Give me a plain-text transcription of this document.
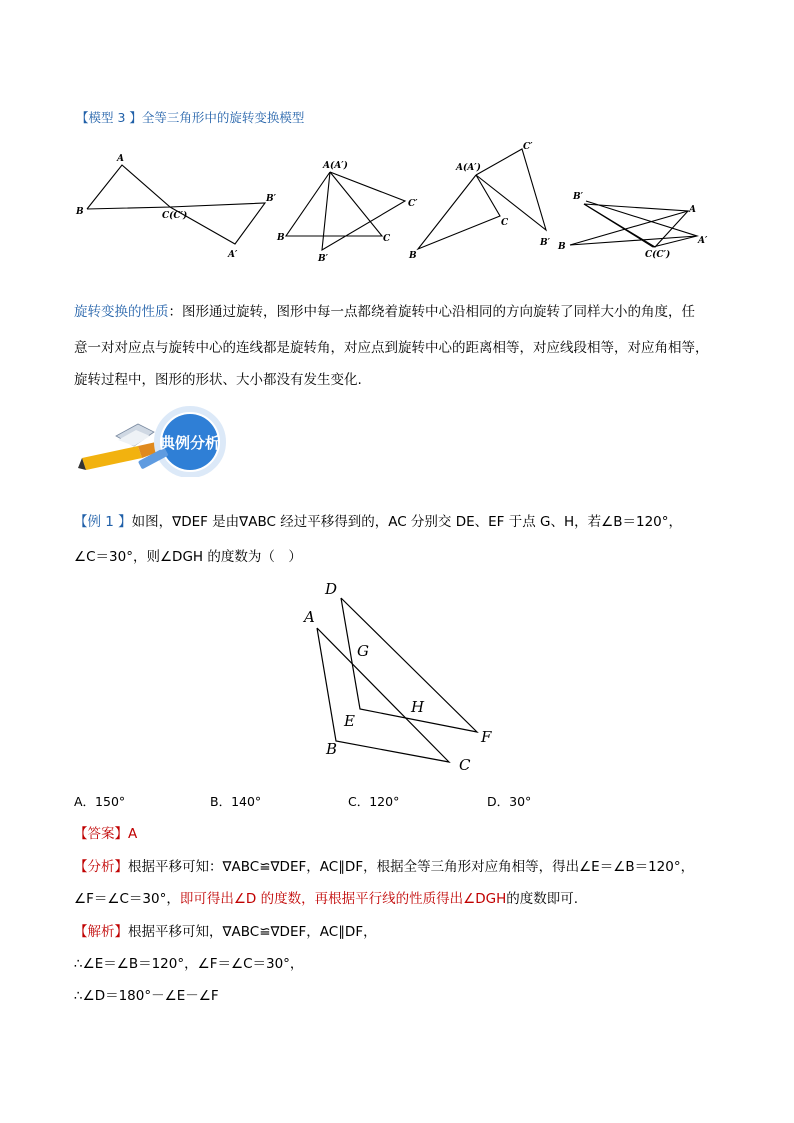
【模型 3 】全等三角形中的旋转变换模型
A
B	C(C′)
B′
A′
A(A′)
C′
B	C
B′
A(A′)
C′
C
B
B′
B′
A
B
A′
C(C′)
旋转变换的性质：图形通过旋转，图形中每一点都绕着旋转中心沿相同的方向旋转了同样大小的角度，任
意一对对应点与旋转中心的连线都是旋转角，对应点到旋转中心的距离相等，对应线段相等，对应角相等，
旋转过程中，图形的形状、大小都没有发生变化.
典例分析
【例 1 】如图，∇DEF 是由∇ABC 经过平移得到的，AC 分别交 DE、EF 于点 G、H，若∠B＝120°，
∠C＝30°，则∠DGH 的度数为（　）
D
A
G
H
E
F
B
C
A．150°	B．140°	C．120°	D．30°
【答案】A
【分析】根据平移可知：∇ABC≌∇DEF，AC∥DF，根据全等三角形对应角相等，得出∠E＝∠B＝120°，
∠F＝∠C＝30°，即可得出∠D 的度数，再根据平行线的性质得出∠DGH的度数即可.
【解析】根据平移可知，∇ABC≌∇DEF，AC∥DF，
∴∠E＝∠B＝120°，∠F＝∠C＝30°，
∴∠D＝180°－∠E－∠F
